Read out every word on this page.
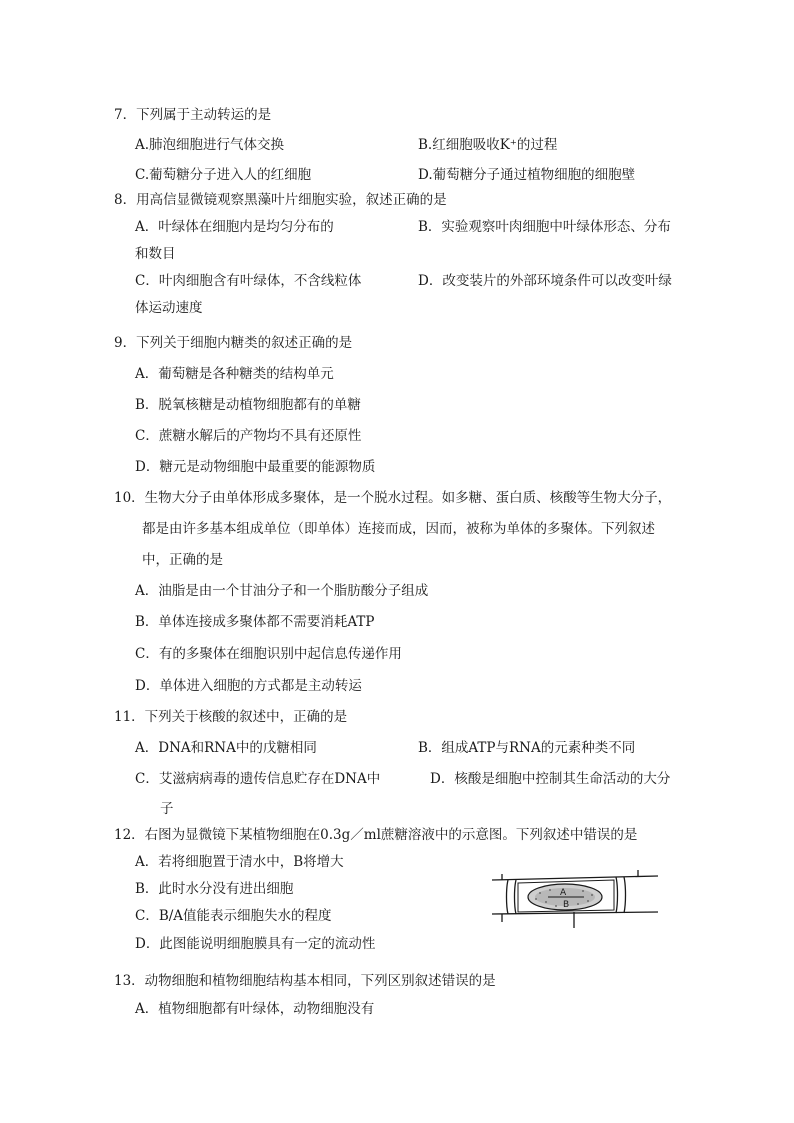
7．下列属于主动转运的是
A.肺泡细胞进行气体交换	B.红细胞吸收K⁺的过程
C.葡萄糖分子进入人的红细胞	D.葡萄糖分子通过植物细胞的细胞壁
8．用高信显微镜观察黑藻叶片细胞实验，叙述正确的是
A．叶绿体在细胞内是均匀分布的	B．实验观察叶肉细胞中叶绿体形态、分布
和数目
C．叶肉细胞含有叶绿体，不含线粒体	D．改变装片的外部环境条件可以改变叶绿
体运动速度
9．下列关于细胞内糖类的叙述正确的是
A．葡萄糖是各种糖类的结构单元
B．脱氧核糖是动植物细胞都有的单糖
C．蔗糖水解后的产物均不具有还原性
D．糖元是动物细胞中最重要的能源物质
10．生物大分子由单体形成多聚体，是一个脱水过程。如多糖、蛋白质、核酸等生物大分子，
都是由许多基本组成单位（即单体）连接而成，因而，被称为单体的多聚体。下列叙述
中，正确的是
A．油脂是由一个甘油分子和一个脂肪酸分子组成
B．单体连接成多聚体都不需要消耗ATP
C．有的多聚体在细胞识别中起信息传递作用
D．单体进入细胞的方式都是主动转运
11．下列关于核酸的叙述中，正确的是
A．DNA和RNA中的戊糖相同	B．组成ATP与RNA的元素种类不同
C．艾滋病病毒的遗传信息贮存在DNA中	D．核酸是细胞中控制其生命活动的大分
子
12．右图为显微镜下某植物细胞在0.3g／ml蔗糖溶液中的示意图。下列叙述中错误的是
A．若将细胞置于清水中，B将增大
B．此时水分没有进出细胞
C．B/A值能表示细胞失水的程度
D．此图能说明细胞膜具有一定的流动性
A
B
13．动物细胞和植物细胞结构基本相同，下列区别叙述错误的是
A．植物细胞都有叶绿体，动物细胞没有
